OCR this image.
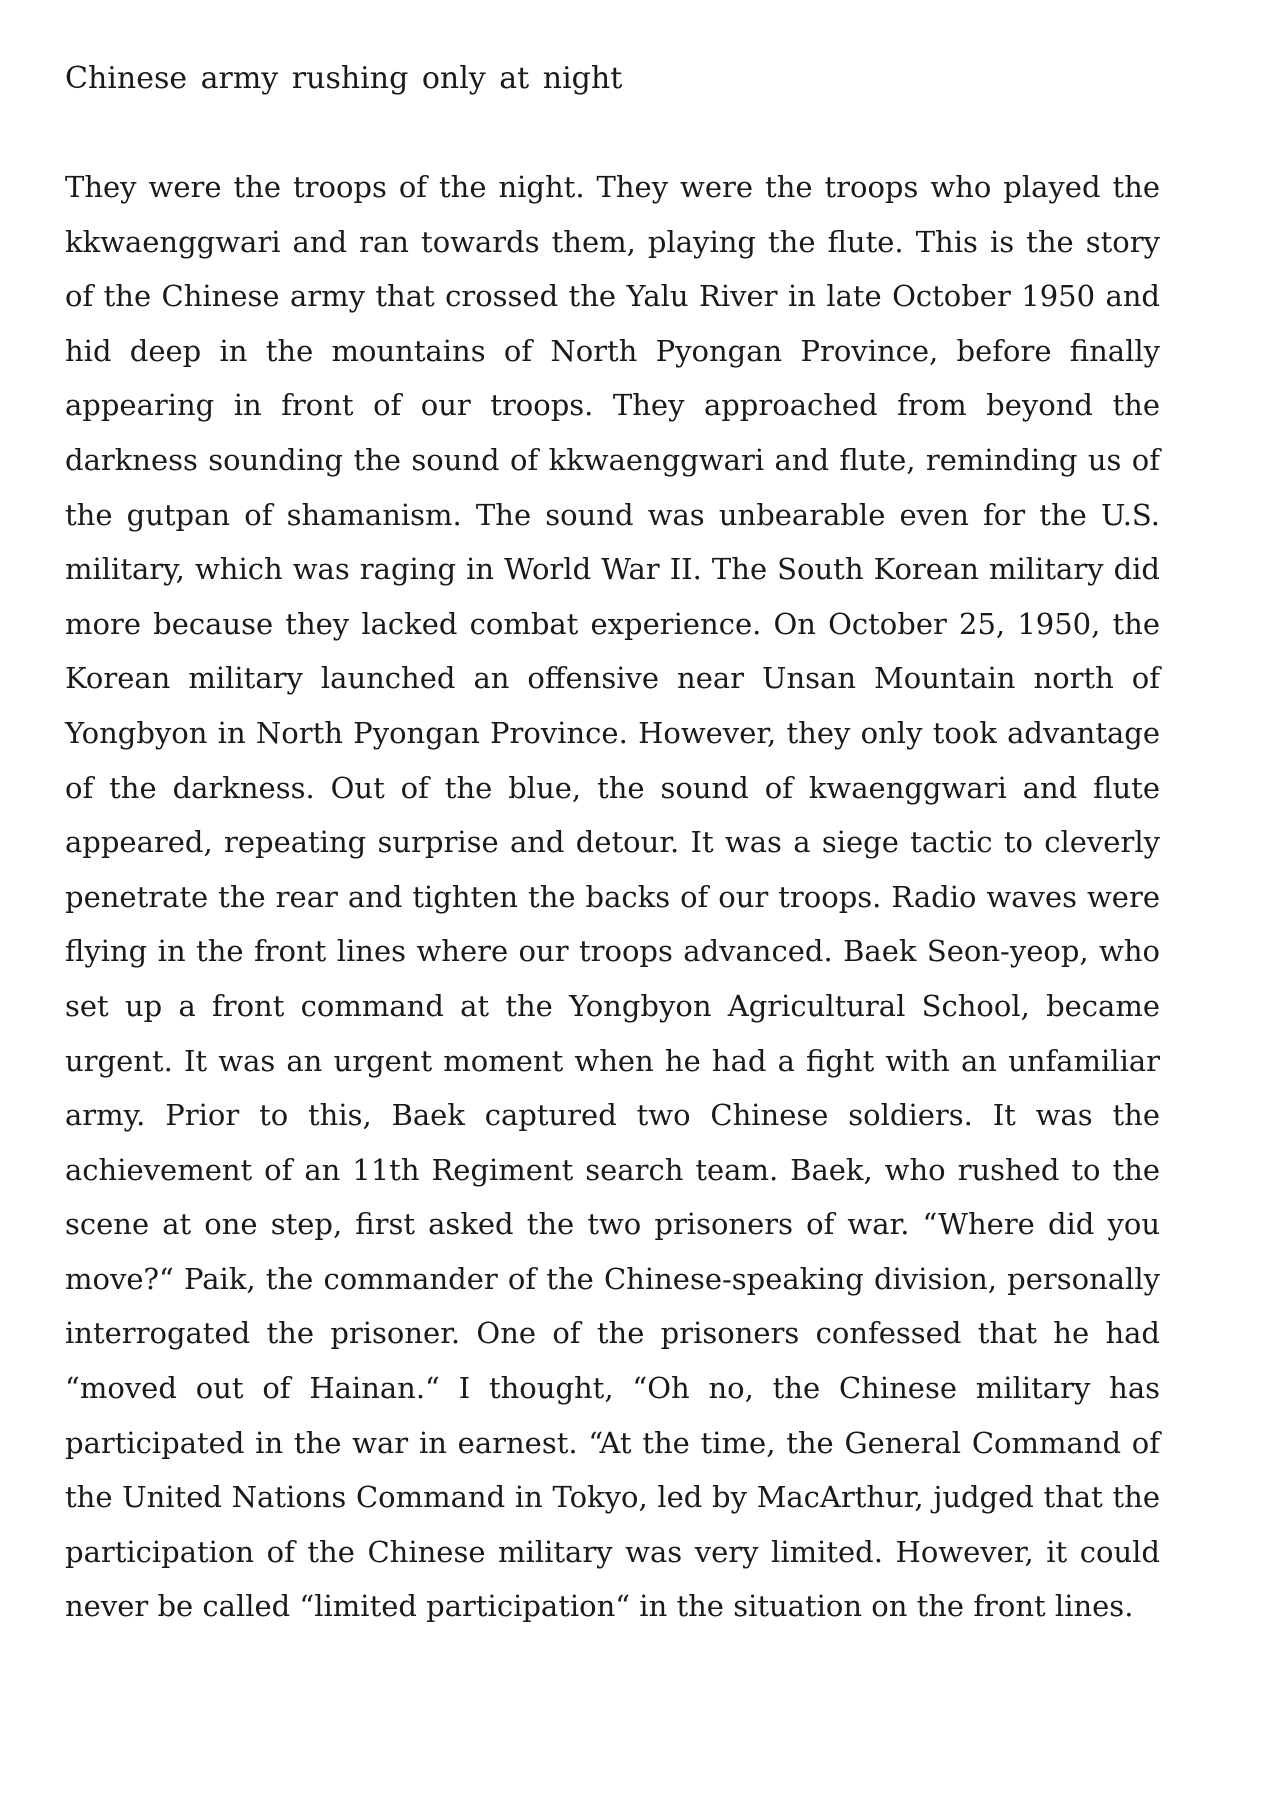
Chinese army rushing only at night

They were the troops of the night. They were the troops who played the kkwaenggwari and ran towards them, playing the flute. This is the story of the Chinese army that crossed the Yalu River in late October 1950 and hid deep in the mountains of North Pyongan Province, before finally appearing in front of our troops. They approached from beyond the darkness sounding the sound of kkwaenggwari and flute, reminding us of the gutpan of shamanism. The sound was unbearable even for the U.S. military, which was raging in World War II. The South Korean military did more because they lacked combat experience. On October 25, 1950, the Korean military launched an offensive near Unsan Mountain north of Yongbyon in North Pyongan Province. However, they only took advantage of the darkness. Out of the blue, the sound of kwaenggwari and flute appeared, repeating surprise and detour. It was a siege tactic to cleverly penetrate the rear and tighten the backs of our troops. Radio waves were flying in the front lines where our troops advanced. Baek Seon-yeop, who set up a front command at the Yongbyon Agricultural School, became urgent. It was an urgent moment when he had a fight with an unfamiliar army. Prior to this, Baek captured two Chinese soldiers. It was the achievement of an 11th Regiment search team. Baek, who rushed to the scene at one step, first asked the two prisoners of war. “Where did you move?“ Paik, the commander of the Chinese-speaking division, personally interrogated the prisoner. One of the prisoners confessed that he had “moved out of Hainan.“ I thought, “Oh no, the Chinese military has participated in the war in earnest. “At the time, the General Command of the United Nations Command in Tokyo, led by MacArthur, judged that the participation of the Chinese military was very limited. However, it could never be called “limited participation“ in the situation on the front lines.
